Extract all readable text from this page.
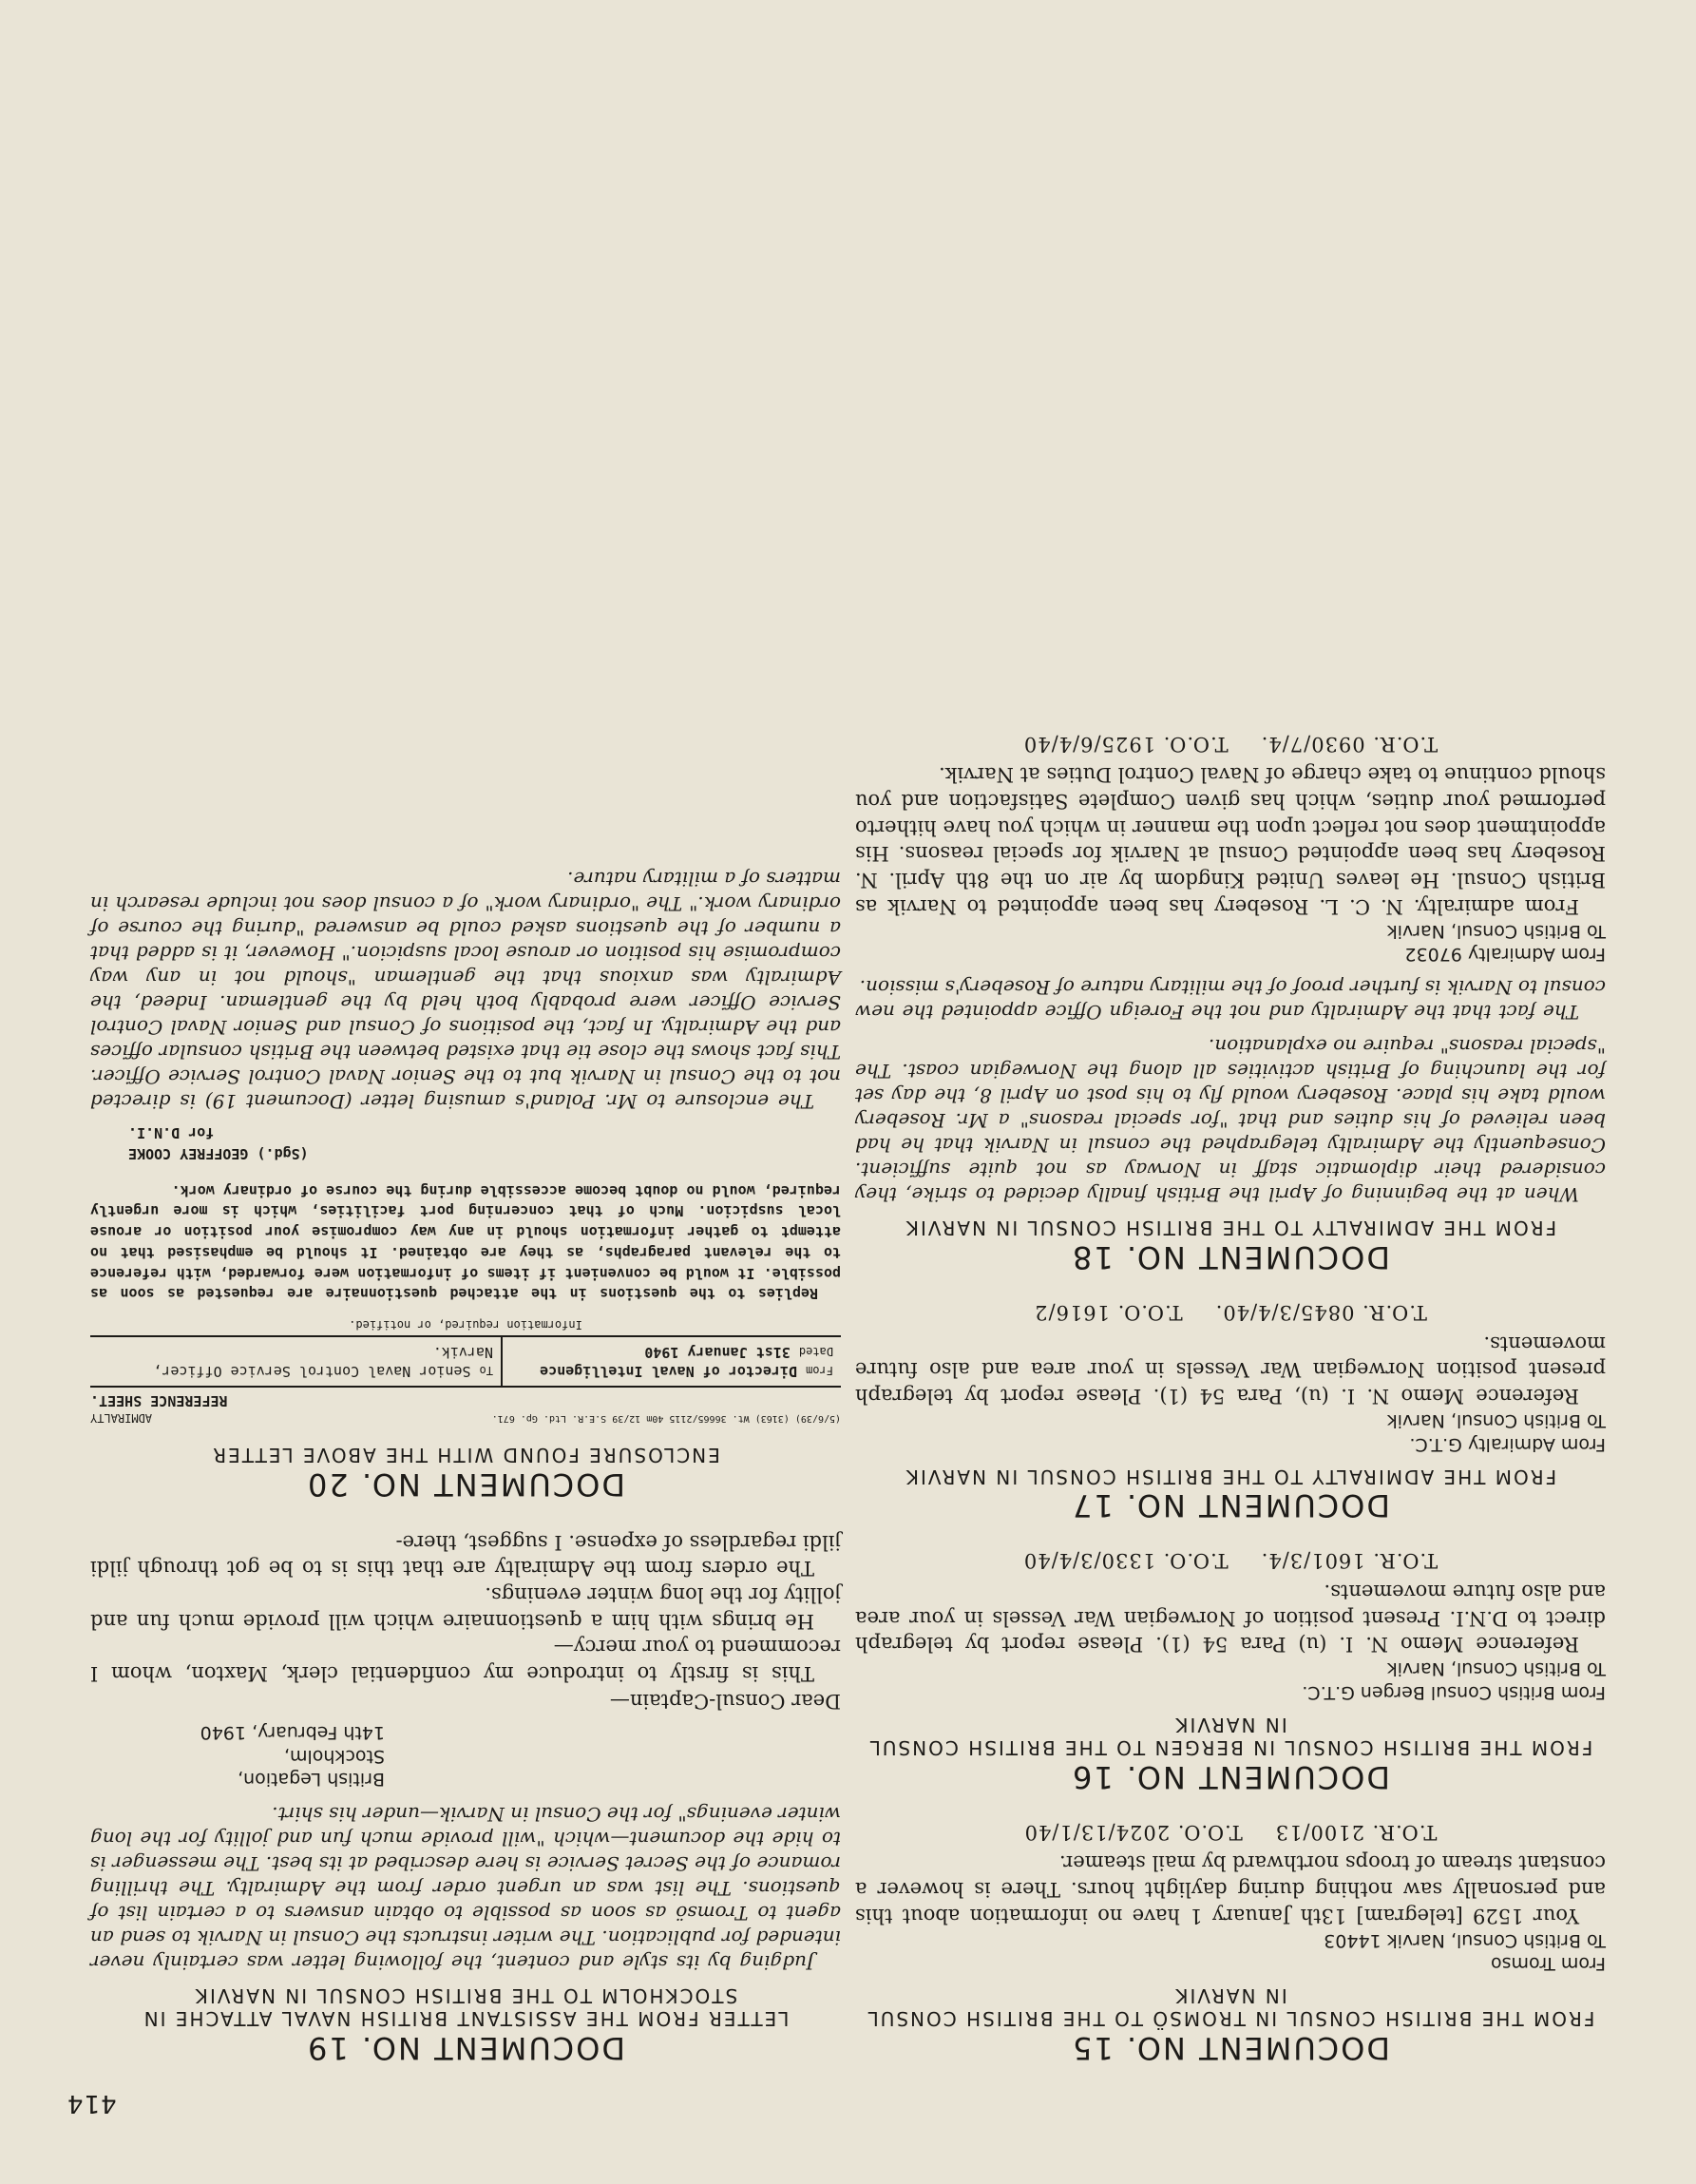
414
DOCUMENT NO. 15
FROM THE BRITISH CONSUL IN TROMSÖ TO THE BRITISH CONSUL IN NARVIK

From Tromso

To British Consul, Narvik 14403

Your 1529 [telegram] 13th January 1 have no information about this and personally saw nothing during daylight hours. There is however a constant stream of troops northward by mail steamer.

T.O.R. 2100/13
T.O.O. 2024/13/1/40
DOCUMENT NO. 16
FROM THE BRITISH CONSUL IN BERGEN TO THE BRITISH CONSUL IN NARVIK

From British Consul Bergen G.T.C.

To British Consul, Narvik

Reference Memo N. I. (u) Para 54 (1). Please report by telegraph direct to D.N.I. Present position of Norwegian War Vessels in your area and also future movements.

T.O.R. 1601/3/4.
T.O.O. 1330/3/4/40
DOCUMENT NO. 17
FROM THE ADMIRALTY TO THE BRITISH CONSUL IN NARVIK

From Admiralty G.T.C.

To British Consul, Narvik

Reference Memo N. I. (u), Para 54 (1). Please report by telegraph present position Norwegian War Vessels in your area and also future movements.

T.O.R. 0845/3/4/40.
T.O.O. 1616/2
DOCUMENT NO. 18
FROM THE ADMIRALTY TO THE BRITISH CONSUL IN NARVIK

When at the beginning of April the British finally decided to strike, they considered their diplomatic staff in Norway as not quite sufficient. Consequently the Admiralty telegraphed the consul in Narvik that he had been relieved of his duties and that "for special reasons" a Mr. Rosebery would take his place. Rosebery would fly to his post on April 8, the day set for the launching of British activities all along the Norwegian coast. The "special reasons" require no explanation.

The fact that the Admiralty and not the Foreign Office appointed the new consul to Narvik is further proof of the military nature of Rosebery's mission.

From Admiralty 97032

To British Consul, Narvik

From admiralty. N. C. L. Rosebery has been appointed to Narvik as British Consul. He leaves United Kingdom by air on the 8th April. N. Rosebery has been appointed Consul at Narvik for special reasons. His appointment does not reflect upon the manner in which you have hitherto performed your duties, which has given Complete Satisfaction and you should continue to take charge of Naval Control Duties at Narvik.

T.O.R. 0930/7/4.
T.O.O. 1925/6/4/40
DOCUMENT NO. 19
LETTER FROM THE ASSISTANT BRITISH NAVAL ATTACHE IN STOCKHOLM TO THE BRITISH CONSUL IN NARVIK

Judging by its style and content, the following letter was certainly never intended for publication. The writer instructs the Consul in Narvik to send an agent to Tromsö as soon as possible to obtain answers to a certain list of questions. The list was an urgent order from the Admiralty. The thrilling romance of the Secret Service is here described at its best. The messenger is to hide the document—which "will provide much fun and jollity for the long winter evenings" for the Consul in Narvik—under his shirt.

British Legation,
Stockholm,
14th February, 1940

Dear Consul-Captain—

This is firstly to introduce my confidential clerk, Maxton, whom I recommend to your mercy—

He brings with him a questionnaire which will provide much fun and jollity for the long winter evenings.

The orders from the Admiralty are that this is to be got through jildi jildi regardless of expense. I suggest, there-

DOCUMENT NO. 20
ENCLOSURE FOUND WITH THE ABOVE LETTER
(5/6/39) (3163) Wt. 36665/2115 40m 12/39 S.E.R. Ltd. Gp. 671.
ADMIRALTY
REFERENCE SHEET.
From Director of Naval Intelligence
Dated 31st January 1940
To Senior Naval Control Service Officer, Narvik.
Information required, or notified.

Replies to the questions in the attached questionnaire are requested as soon as possible. It would be convenient if items of information were forwarded, with reference to the relevant paragraphs, as they are obtained. It should be emphasised that no attempt to gather information should in any way compromise your position or arouse local suspicion. Much of that concerning port facilities, which is more urgently required, would no doubt become accessible during the course of ordinary work.

(Sgd.) GEOFFREY COOKE
for D.N.I.

The enclosure to Mr. Poland's amusing letter (Document 19) is directed not to the Consul in Narvik but to the Senior Naval Control Service Officer. This fact shows the close tie that existed between the British consular offices and the Admiralty. In fact, the positions of Consul and Senior Naval Control Service Officer were probably both held by the gentleman. Indeed, the Admiralty was anxious that the gentleman "should not in any way compromise his position or arouse local suspicion." However, it is added that a number of the questions asked could be answered "during the course of ordinary work." The "ordinary work" of a consul does not include research in matters of a military nature.
